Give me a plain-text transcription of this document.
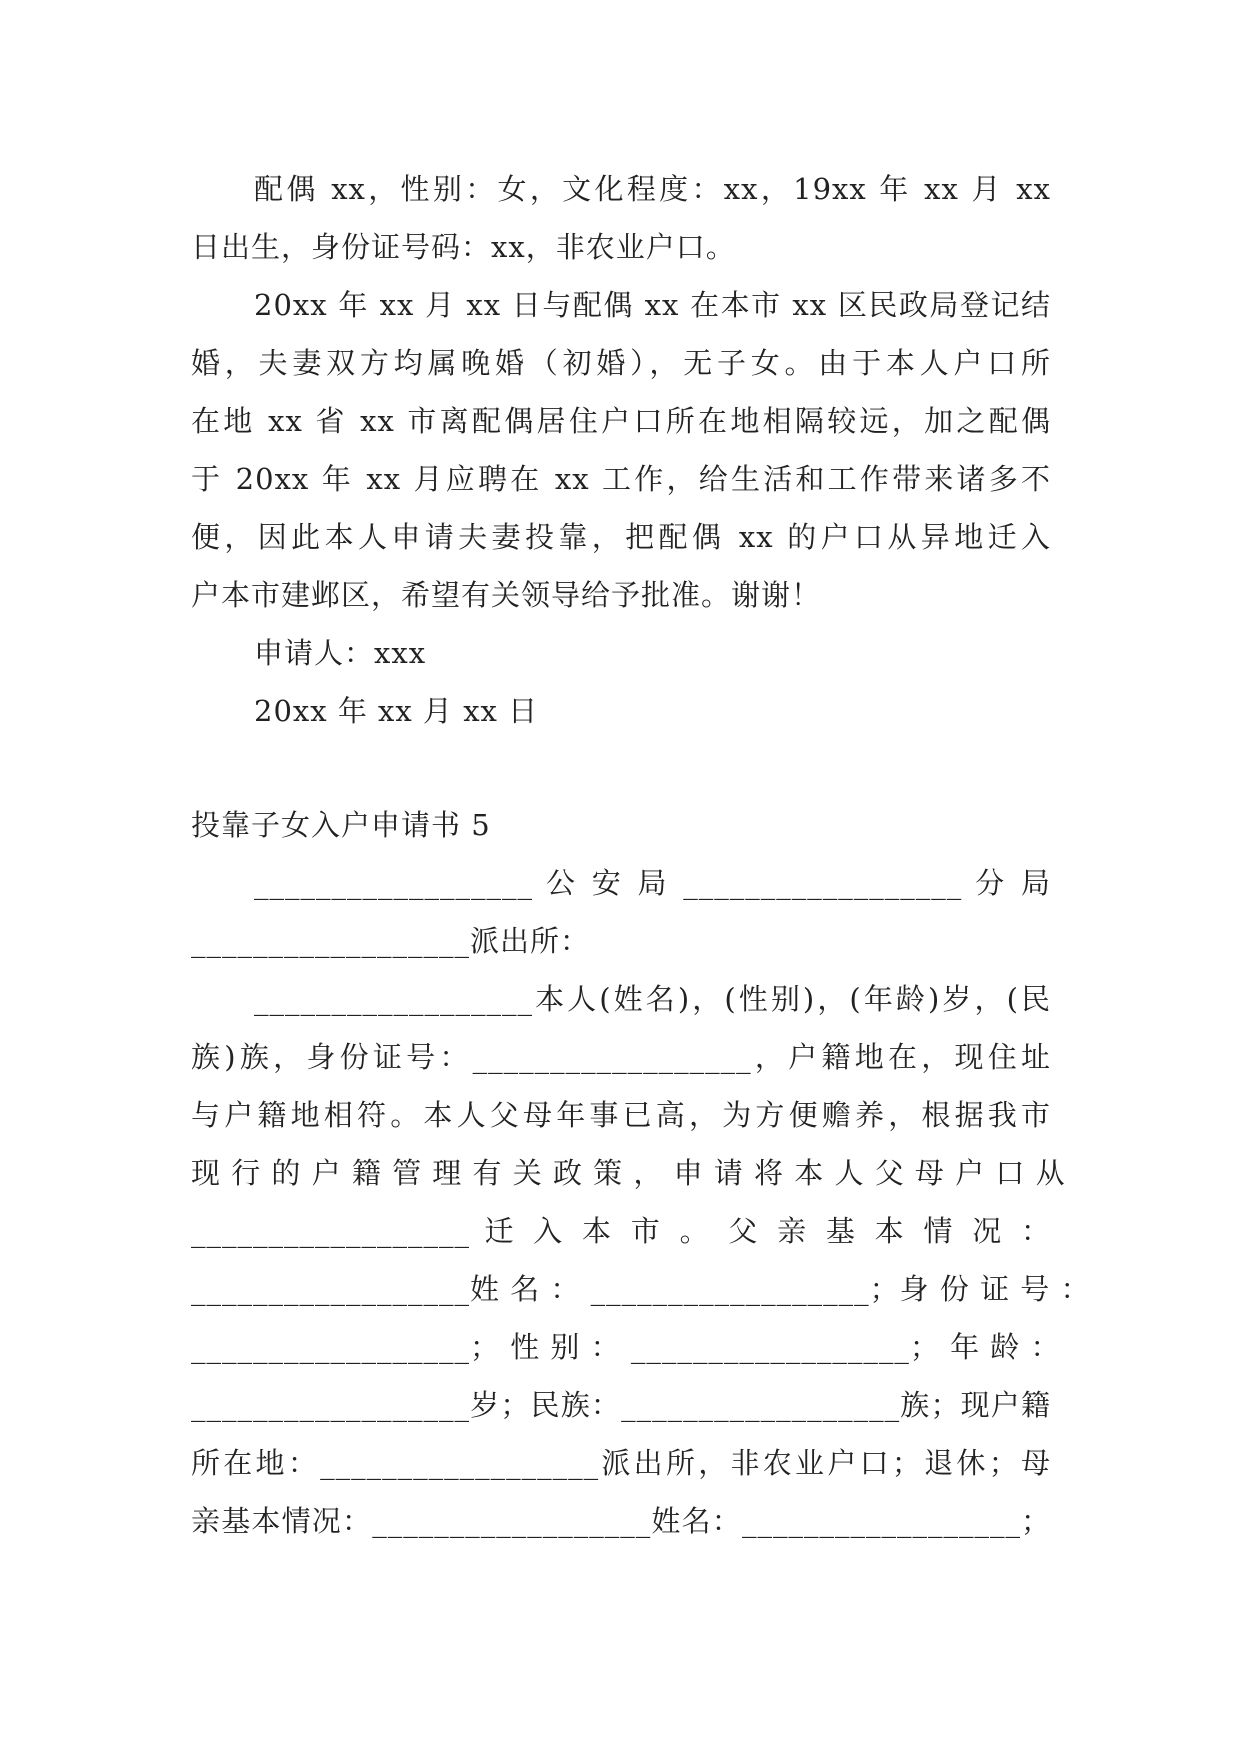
配偶 xx，性别：女，文化程度：xx，19xx 年 xx 月 xx
日出生，身份证号码：xx，非农业户口。
20xx 年 xx 月 xx 日与配偶 xx 在本市 xx 区民政局登记结
婚，夫妻双方均属晚婚（初婚），无子女。由于本人户口所
在地 xx 省 xx 市离配偶居住户口所在地相隔较远，加之配偶
于 20xx 年 xx 月应聘在 xx 工作，给生活和工作带来诸多不
便，因此本人申请夫妻投靠，把配偶 xx 的户口从异地迁入
户本市建邺区，希望有关领导给予批准。谢谢！
申请人：xxx
20xx 年 xx 月 xx 日
投靠子女入户申请书 5
__________________ 公 安 局 __________________ 分 局
__________________派出所：
__________________本人(姓名)，(性别)，(年龄)岁，(民
族)族，身份证号：__________________，户籍地在，现住址
与户籍地相符。本人父母年事已高，为方便赡养，根据我市
现 行 的 户 籍 管 理 有 关 政 策 ， 申 请 将 本 人 父 母 户 口 从
__________________ 迁 入 本 市 。 父 亲 基 本 情 况 ：
__________________姓 名 ： __________________；身 份 证 号 ：
__________________； 性 别 ： __________________； 年 龄 ：
__________________岁；民族：__________________族；现户籍
所在地：__________________派出所，非农业户口；退休；母
亲基本情况：__________________姓名：__________________；
